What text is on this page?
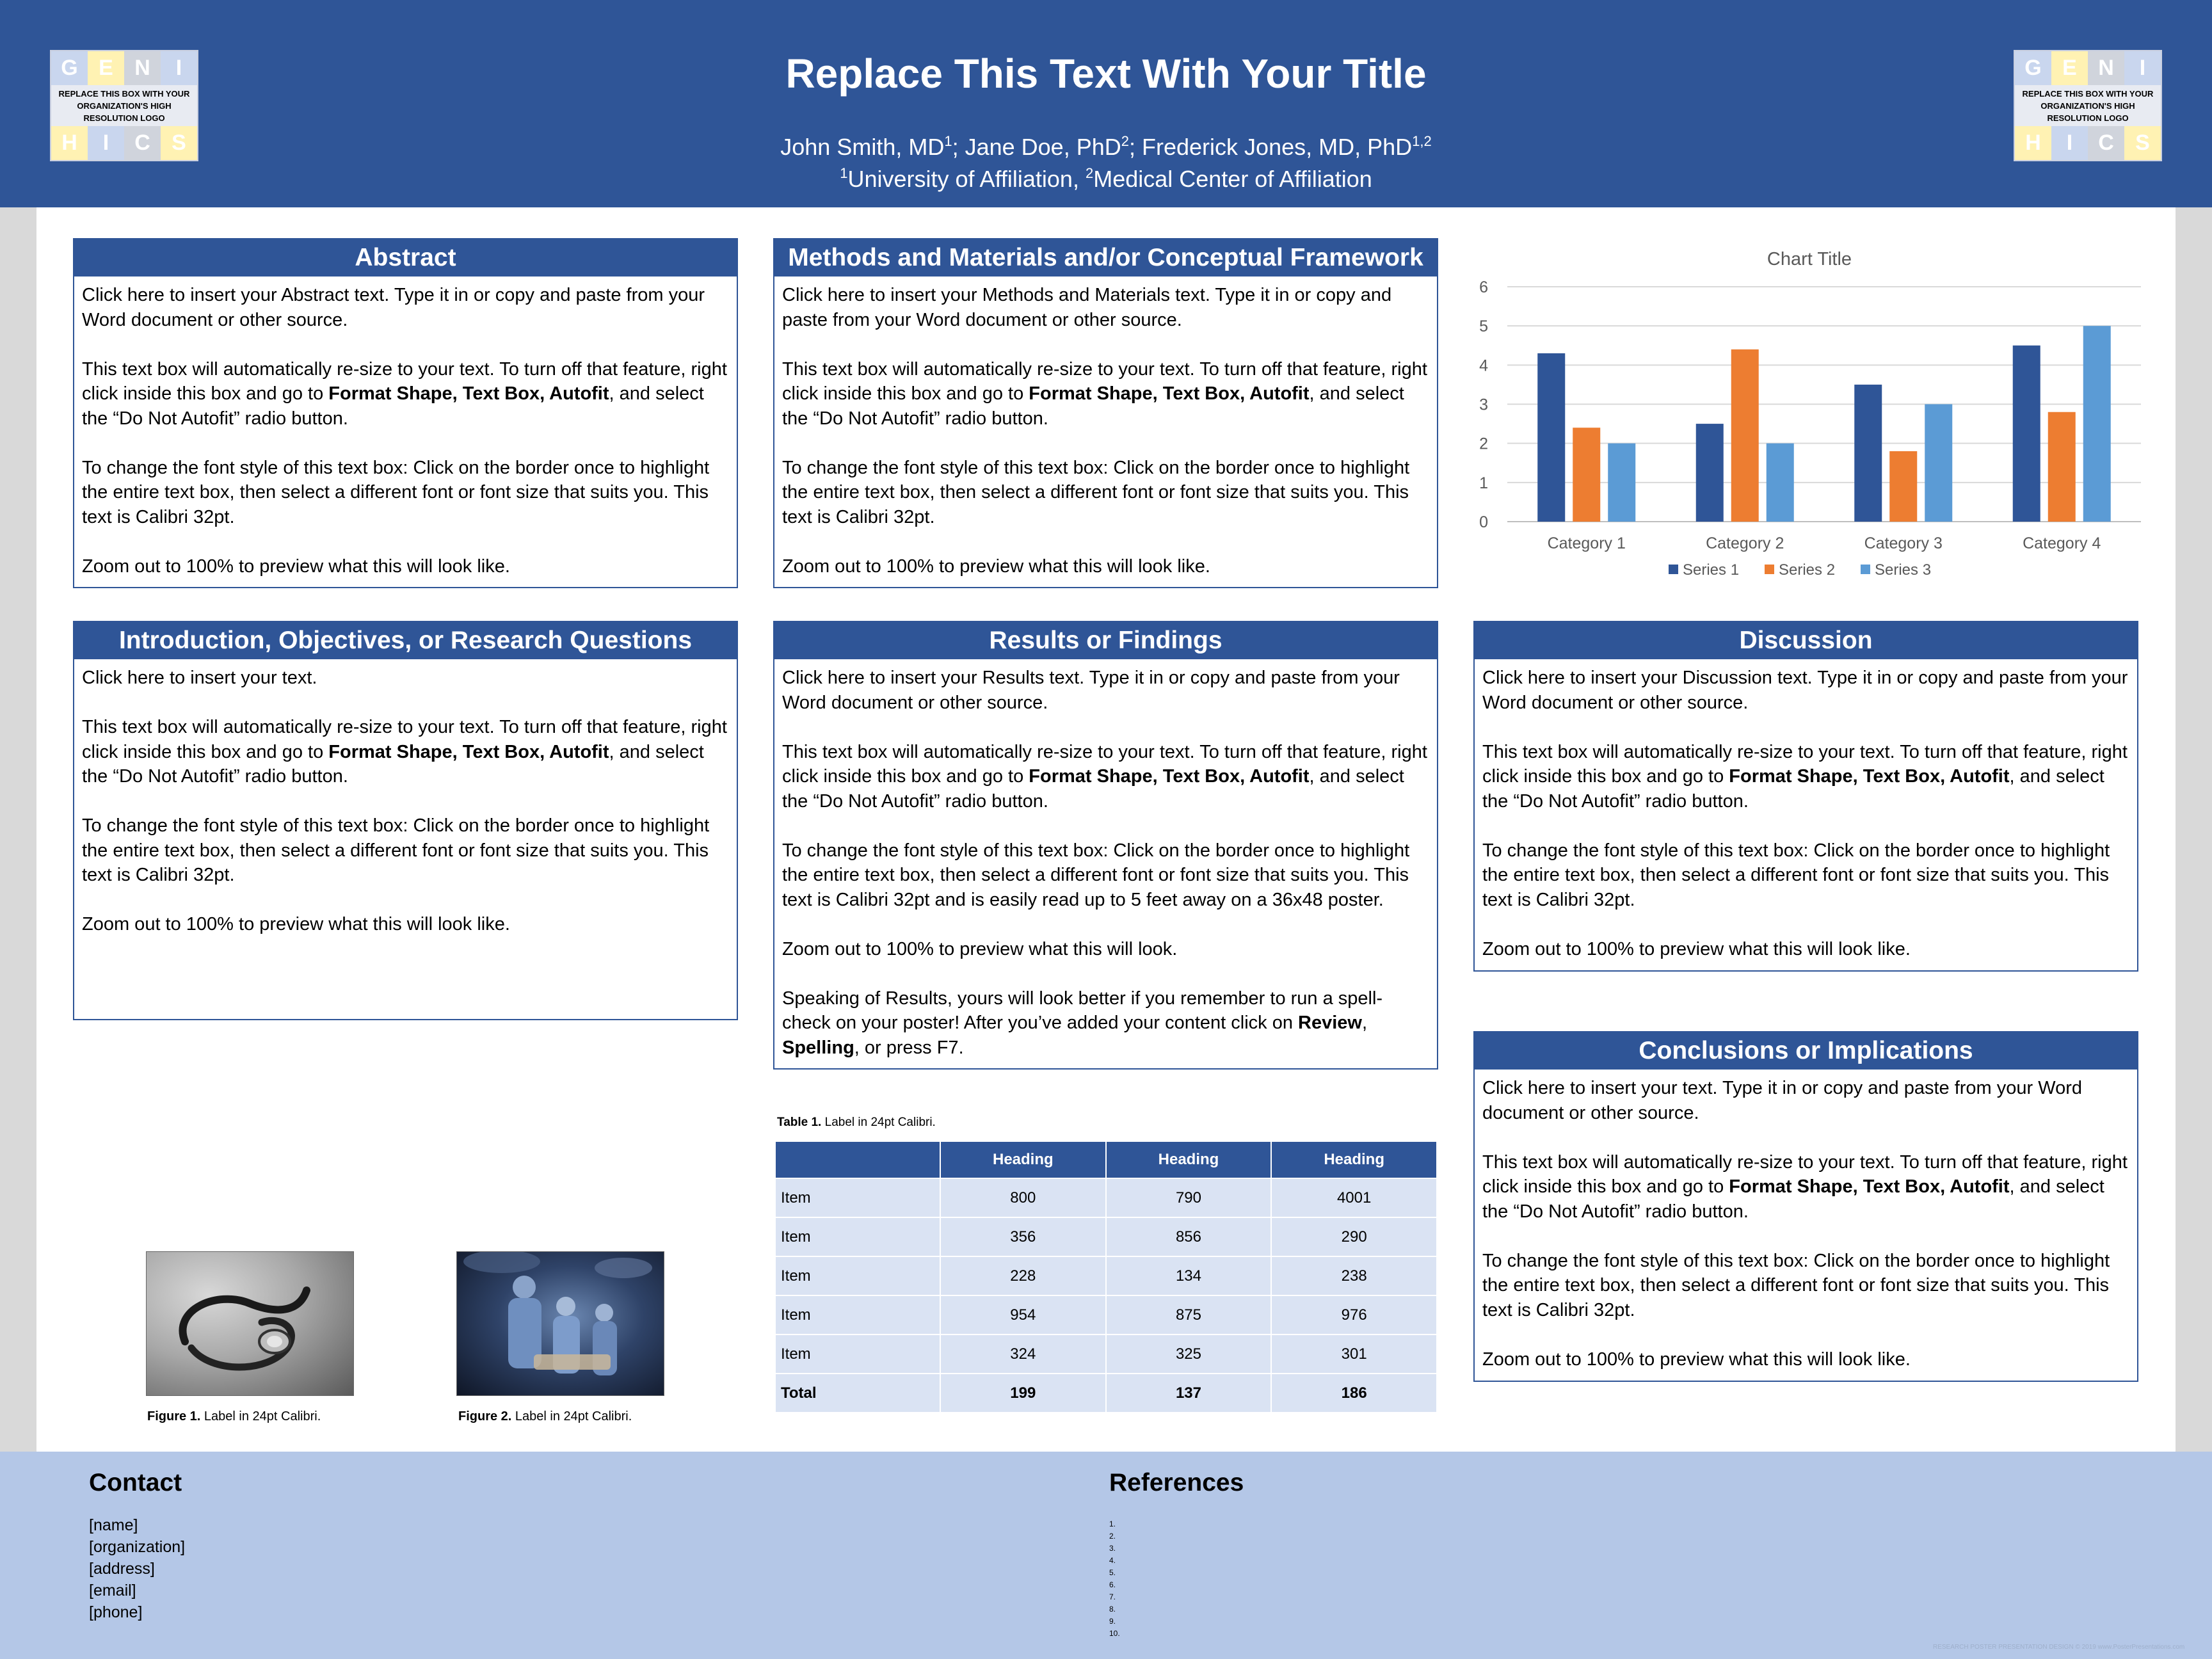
G E N	I
REPLACE THIS BOX WITH YOUR ORGANIZATION'S HIGH RESOLUTION LOGO
H	I	C S
G E N	I
REPLACE THIS BOX WITH YOUR ORGANIZATION'S HIGH RESOLUTION LOGO
H	I	C S
Replace This Text With Your Title
John Smith, $MD^1$; Jane Doe, PhD$^2$; Frederick Jones, MD, PhD$^{1,2}$
$^1$University of Affiliation, $^2$Medical Center of Affiliation
Abstract

Click here to insert your Abstract text. Type it in or copy and paste from your Word document or other source.

This text box will automatically re-size to your text. To turn off that feature, right click inside this box and go to Format Shape, Text Box, Autofit, and select the “Do Not Autofit” radio button.

To change the font style of this text box: Click on the border once to highlight the entire text box, then select a different font or font size that suits you. This text is Calibri 32pt.

Zoom out to 100% to preview what this will look like.

Methods and Materials and/or Conceptual Framework

Click here to insert your Methods and Materials text. Type it in or copy and paste from your Word document or other source.

This text box will automatically re-size to your text. To turn off that feature, right click inside this box and go to Format Shape, Text Box, Autofit, and select the “Do Not Autofit” radio button.

To change the font style of this text box: Click on the border once to highlight the entire text box, then select a different font or font size that suits you. This text is Calibri 32pt.

Zoom out to 100% to preview what this will look like.

Chart Title
0
1
2
3
4
5
6
Category 1	Category 2	Category 3	Category 4
Series 1	Series 2	Series 3
Introduction, Objectives, or Research Questions

Click here to insert your text.

This text box will automatically re-size to your text. To turn off that feature, right click inside this box and go to Format Shape, Text Box, Autofit, and select the “Do Not Autofit” radio button.

To change the font style of this text box: Click on the border once to highlight the entire text box, then select a different font or font size that suits you. This text is Calibri 32pt.

Zoom out to 100% to preview what this will look like.

Results or Findings

Click here to insert your Results text. Type it in or copy and paste from your Word document or other source.

This text box will automatically re-size to your text. To turn off that feature, right click inside this box and go to Format Shape, Text Box, Autofit, and select the “Do Not Autofit” radio button.

To change the font style of this text box: Click on the border once to highlight the entire text box, then select a different font or font size that suits you. This text is Calibri 32pt and is easily read up to 5 feet away on a 36x48 poster.

Zoom out to 100% to preview what this will look.

Speaking of Results, yours will look better if you remember to run a spell-check on your poster! After you’ve added your content click on Review, Spelling, or press F7.

Discussion

Click here to insert your Discussion text. Type it in or copy and paste from your Word document or other source.

This text box will automatically re-size to your text. To turn off that feature, right click inside this box and go to Format Shape, Text Box, Autofit, and select the “Do Not Autofit” radio button.

To change the font style of this text box: Click on the border once to highlight the entire text box, then select a different font or font size that suits you. This text is Calibri 32pt.

Zoom out to 100% to preview what this will look like.

Conclusions or Implications

Click here to insert your text. Type it in or copy and paste from your Word document or other source.

This text box will automatically re-size to your text. To turn off that feature, right click inside this box and go to Format Shape, Text Box, Autofit, and select the “Do Not Autofit” radio button.

To change the font style of this text box: Click on the border once to highlight the entire text box, then select a different font or font size that suits you. This text is Calibri 32pt.

Zoom out to 100% to preview what this will look like.

Table 1. Label in 24pt Calibri.
	Heading	Heading	Heading
Item	800	790	4001
Item	356	856	290
Item	228	134	238
Item	954	875	976
Item	324	325	301
Total	199	137	186
Figure 1. Label in 24pt Calibri.	Figure 2. Label in 24pt Calibri.
Contact
[name]
[organization]
[address]
[email]
[phone]
References
1.
2.
3.
4.
5.
6.
7.
8.
9.
10.
RESEARCH POSTER PRESENTATION DESIGN © 2019 www.PosterPresentations.com
